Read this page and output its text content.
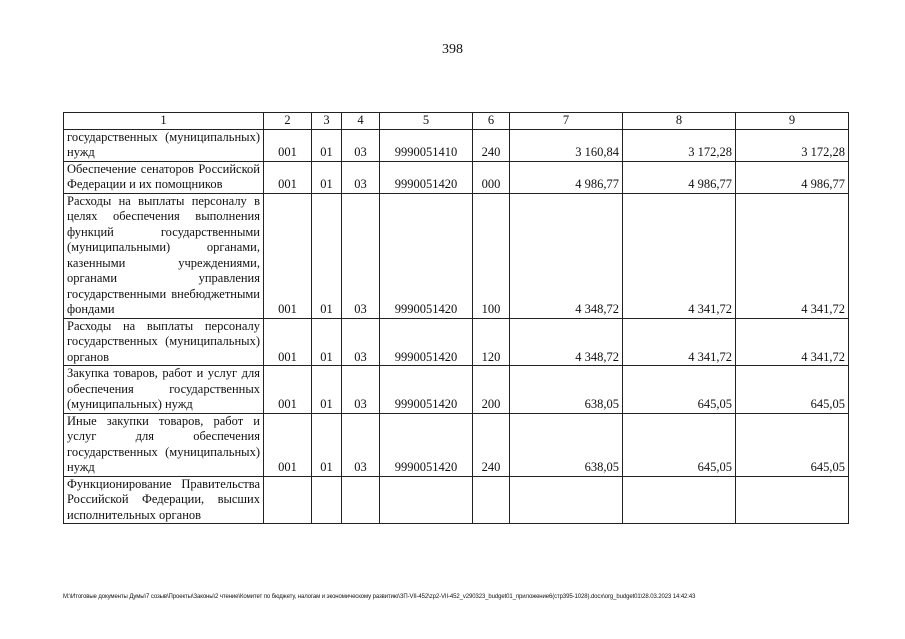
398
1	2	3	4	5	6	7	8	9
государственных (муниципальных) нужд	001	01	03	9990051410	240	3 160,84	3 172,28	3 172,28
Обеспечение сенаторов Российской Федерации и их помощников	001	01	03	9990051420	000	4 986,77	4 986,77	4 986,77
Расходы на выплаты персоналу в целях обеспечения выполнения функций государственными (муниципальными) органами, казенными учреждениями, органами управления государственными внебюджетными фондами	001	01	03	9990051420	100	4 348,72	4 341,72	4 341,72
Расходы на выплаты персоналу государственных (муниципальных) органов	001	01	03	9990051420	120	4 348,72	4 341,72	4 341,72
Закупка товаров, работ и услуг для обеспечения государственных (муниципальных) нужд	001	01	03	9990051420	200	638,05	645,05	645,05
Иные закупки товаров, работ и услуг для обеспечения государственных (муниципальных) нужд	001	01	03	9990051420	240	638,05	645,05	645,05
Функционирование Правительства Российской Федерации, высших исполнительных органов								
M:\Итоговые документы Думы\7 созыв\Проекты\Законы\2 чтение\Комитет по бюджету, налогам и экономическому развитию\ЗП-VII-452\zp2-VII-452_v290323_budget01_приложение6(стр395-1028).docx\org_budget01\28.03.2023 14:42:43
